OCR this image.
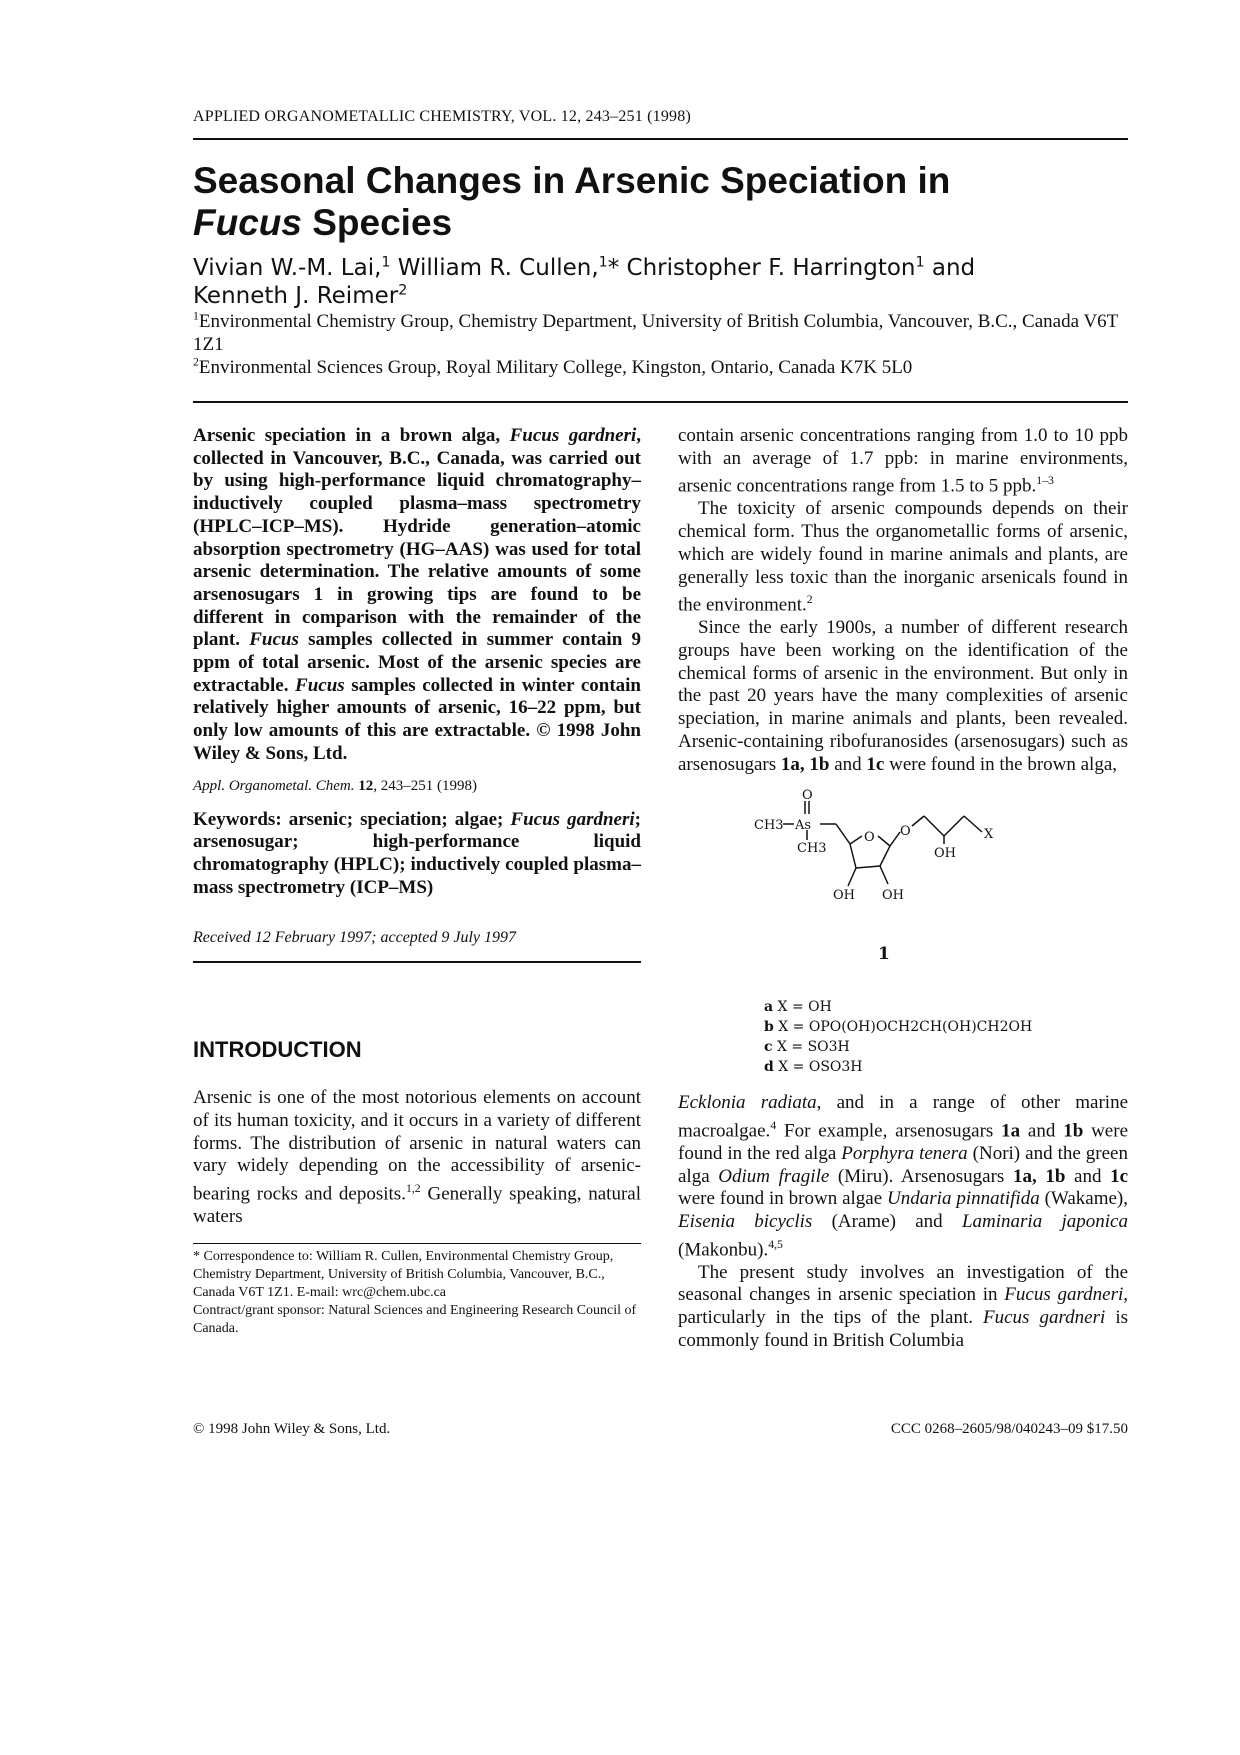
APPLIED ORGANOMETALLIC CHEMISTRY, VOL. 12, 243–251 (1998)
Seasonal Changes in Arsenic Speciation in
Fucus Species
Vivian W.-M. Lai,$^1$ William R. Cullen,$^1$* Christopher F. Harrington$^1$ and
Kenneth J. Reimer$^2$
$^1$Environmental Chemistry Group, Chemistry Department, University of British Columbia, Vancouver, B.C., Canada V6T 1Z1
$^2$Environmental Sciences Group, Royal Military College, Kingston, Ontario, Canada K7K 5L0

Arsenic speciation in a brown alga, Fucus gardneri, collected in Vancouver, B.C., Canada, was carried out by using high-performance liquid chromatography–inductively coupled plasma–mass spectrometry (HPLC–ICP–MS). Hydride generation–atomic absorption spectrometry (HG–AAS) was used for total arsenic determination. The relative amounts of some arsenosugars 1 in growing tips are found to be different in comparison with the remainder of the plant. Fucus samples collected in summer contain 9 ppm of total arsenic. Most of the arsenic species are extractable. Fucus samples collected in winter contain relatively higher amounts of arsenic, 16–22 ppm, but only low amounts of this are extractable. © 1998 John Wiley & Sons, Ltd.

Appl. Organometal. Chem. 12, 243–251 (1998)
Keywords: arsenic; speciation; algae; Fucus gardneri; arsenosugar; high-performance liquid chromatography (HPLC); inductively coupled plasma–mass spectrometry (ICP–MS)
Received 12 February 1997; accepted 9 July 1997
INTRODUCTION

Arsenic is one of the most notorious elements on account of its human toxicity, and it occurs in a variety of different forms. The distribution of arsenic in natural waters can vary widely depending on the accessibility of arsenic-bearing rocks and deposits.$^{1,2}$ Generally speaking, natural waters

* Correspondence to: William R. Cullen, Environmental Chemistry Group, Chemistry Department, University of British Columbia, Vancouver, B.C., Canada V6T 1Z1. E-mail: wrc@chem.ubc.ca
Contract/grant sponsor: Natural Sciences and Engineering Research Council of Canada.

contain arsenic concentrations ranging from 1.0 to 10 ppb with an average of 1.7 ppb: in marine environments, arsenic concentrations range from 1.5 to 5 ppb.$^{1-3}$

The toxicity of arsenic compounds depends on their chemical form. Thus the organometallic forms of arsenic, which are widely found in marine animals and plants, are generally less toxic than the inorganic arsenicals found in the environment.$^2$

Since the early 1900s, a number of different research groups have been working on the identification of the chemical forms of arsenic in the environment. But only in the past 20 years have the many complexities of arsenic speciation, in marine animals and plants, been revealed. Arsenic-containing ribofuranosides (arsenosugars) such as arsenosugars 1a, 1b and 1c were found in the brown alga,

O
CH3 As
CH3
O O	X
OH
OH OH
1
a X = OH
b X = OPO(OH)OCH2CH(OH)CH2OH
c X = SO3H
d X = OSO3H

Ecklonia radiata, and in a range of other marine macroalgae.$^4$ For example, arsenosugars 1a and 1b were found in the red alga Porphyra tenera (Nori) and the green alga Odium fragile (Miru). Arsenosugars 1a, 1b and 1c were found in brown algae Undaria pinnatifida (Wakame), Eisenia bicyclis (Arame) and Laminaria japonica (Makonbu).$^{4,5}$

The present study involves an investigation of the seasonal changes in arsenic speciation in Fucus gardneri, particularly in the tips of the plant. Fucus gardneri is commonly found in British Columbia

© 1998 John Wiley & Sons, Ltd.	CCC 0268–2605/98/040243–09 $17.50
